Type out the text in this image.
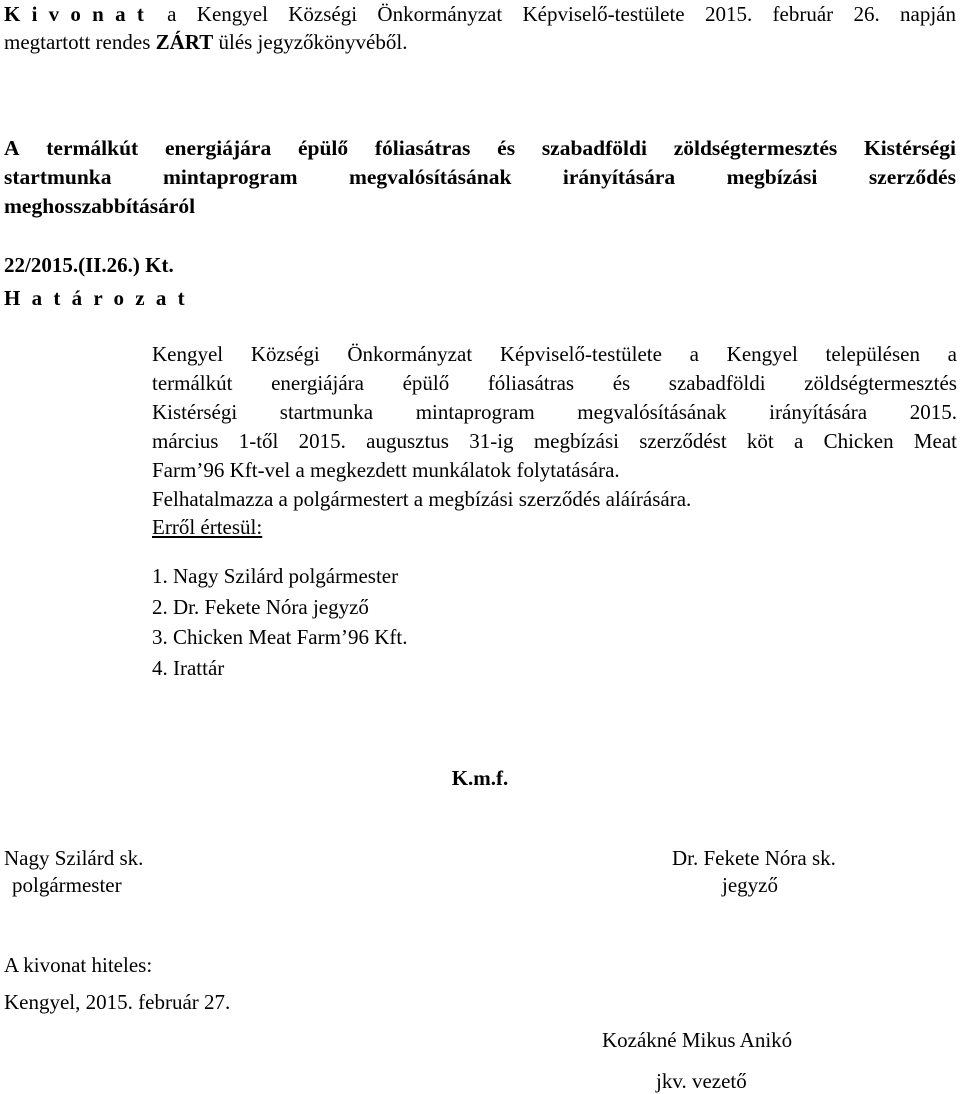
K i v o n a t a Kengyel Községi Önkormányzat Képviselő-testülete 2015. február 26. napján
megtartott rendes ZÁRT ülés jegyzőkönyvéből.
A termálkút energiájára épülő fóliasátras és szabadföldi zöldségtermesztés Kistérségi
startmunka mintaprogram megvalósításának irányítására megbízási szerződés
meghosszabbításáról
22/2015.(II.26.) Kt.
H a t á r o z a t
Kengyel Községi Önkormányzat Képviselő-testülete a Kengyel településen a
termálkút energiájára épülő fóliasátras és szabadföldi zöldségtermesztés
Kistérségi startmunka mintaprogram megvalósításának irányítására 2015.
március 1-től 2015. augusztus 31-ig megbízási szerződést köt a Chicken Meat
Farm’96 Kft-vel a megkezdett munkálatok folytatására.
Felhatalmazza a polgármestert a megbízási szerződés aláírására.
Erről értesül:
1. Nagy Szilárd polgármester
2. Dr. Fekete Nóra jegyző
3. Chicken Meat Farm’96 Kft.
4. Irattár
K.m.f.
Nagy Szilárd sk.
polgármester
Dr. Fekete Nóra sk.
jegyző
A kivonat hiteles:
Kengyel, 2015. február 27.
Kozákné Mikus Anikó
jkv. vezető
